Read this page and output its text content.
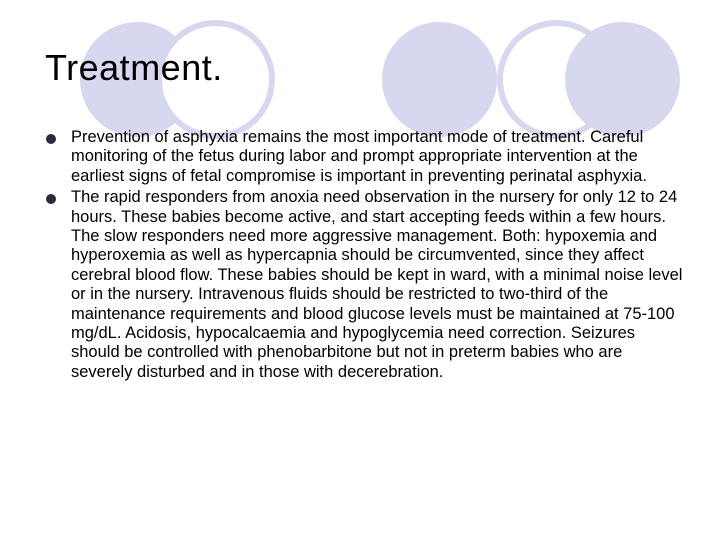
Treatment.
Prevention of asphyxia remains the most important mode of treatment. Careful monitoring of the fetus during labor and prompt appropriate intervention at the earliest signs of fetal compromise is important in preventing perinatal asphyxia.
The rapid responders from anoxia need observation in the nursery for only 12 to 24 hours. These babies become active, and start accepting feeds within a few hours. The slow responders need more aggressive management. Both: hypoxemia and hyperoxemia as well as hypercapnia should be circumvented, since they affect cerebral blood flow. These babies should be kept in ward, with a minimal noise level or in the nursery. Intravenous fluids should be restricted to two-third of the maintenance requirements and blood glucose levels must be maintained at 75-100 mg/dL. Acidosis, hypocalcaemia and hypoglycemia need correction. Seizures should be controlled with phenobarbitone but not in preterm babies who are severely disturbed and in those with decerebration.
